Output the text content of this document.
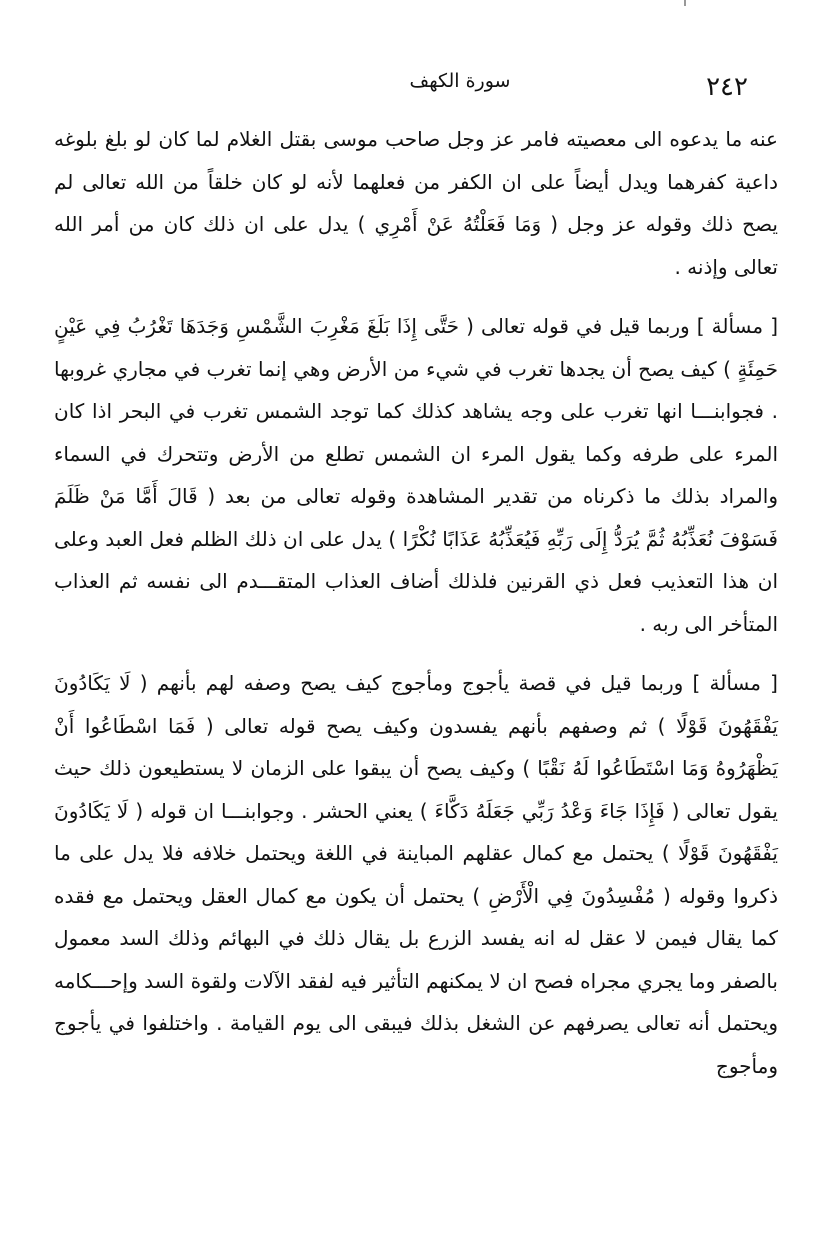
٢٤٢
سورة الكهف

عنه ما يدعوه الى معصيته فامر عز وجل صاحب موسى بقتل الغلام لما كان لو بلغ بلوغه داعية كفرهما ويدل أيضاً على ان الكفر من فعلهما لأنه لو كان خلقاً من الله تعالى لم يصح ذلك وقوله عز وجل ( وَمَا فَعَلْتُهُ عَنْ أَمْرِي ) يدل على ان ذلك كان من أمر الله تعالى وإذنه .

[ مسألة ] وربما قيل في قوله تعالى ( حَتَّى إِذَا بَلَغَ مَغْرِبَ الشَّمْسِ وَجَدَهَا تَغْرُبُ فِي عَيْنٍ حَمِئَةٍ ) كيف يصح أن يجدها تغرب في شيء من الأرض وهي إنما تغرب في مجاري غروبها . فجوابنـــا انها تغرب على وجه يشاهد كذلك كما توجد الشمس تغرب في البحر اذا كان المرء على طرفه وكما يقول المرء ان الشمس تطلع من الأرض وتتحرك في السماء والمراد بذلك ما ذكرناه من تقدير المشاهدة وقوله تعالى من بعد ( قَالَ أَمَّا مَنْ ظَلَمَ فَسَوْفَ نُعَذِّبُهُ ثُمَّ يُرَدُّ إِلَى رَبِّهِ فَيُعَذِّبُهُ عَذَابًا نُكْرًا ) يدل على ان ذلك الظلم فعل العبد وعلى ان هذا التعذيب فعل ذي القرنين فلذلك أضاف العذاب المتقـــدم الى نفسه ثم العذاب المتأخر الى ربه .

[ مسألة ] وربما قيل في قصة يأجوج ومأجوج كيف يصح وصفه لهم بأنهم ( لَا يَكَادُونَ يَفْقَهُونَ قَوْلًا ) ثم وصفهم بأنهم يفسدون وكيف يصح قوله تعالى ( فَمَا اسْطَاعُوا أَنْ يَظْهَرُوهُ وَمَا اسْتَطَاعُوا لَهُ نَقْبًا ) وكيف يصح أن يبقوا على الزمان لا يستطيعون ذلك حيث يقول تعالى ( فَإِذَا جَاءَ وَعْدُ رَبِّي جَعَلَهُ دَكَّاءَ ) يعني الحشر . وجوابنـــا ان قوله ( لَا يَكَادُونَ يَفْقَهُونَ قَوْلًا ) يحتمل مع كمال عقلهم المباينة في اللغة ويحتمل خلافه فلا يدل على ما ذكروا وقوله ( مُفْسِدُونَ فِي الْأَرْضِ ) يحتمل أن يكون مع كمال العقل ويحتمل مع فقده كما يقال فيمن لا عقل له انه يفسد الزرع بل يقال ذلك في البهائم وذلك السد معمول بالصفر وما يجري مجراه فصح ان لا يمكنهم التأثير فيه لفقد الآلات ولقوة السد وإحـــكامه ويحتمل أنه تعالى يصرفهم عن الشغل بذلك فيبقى الى يوم القيامة . واختلفوا في يأجوج ومأجوج
